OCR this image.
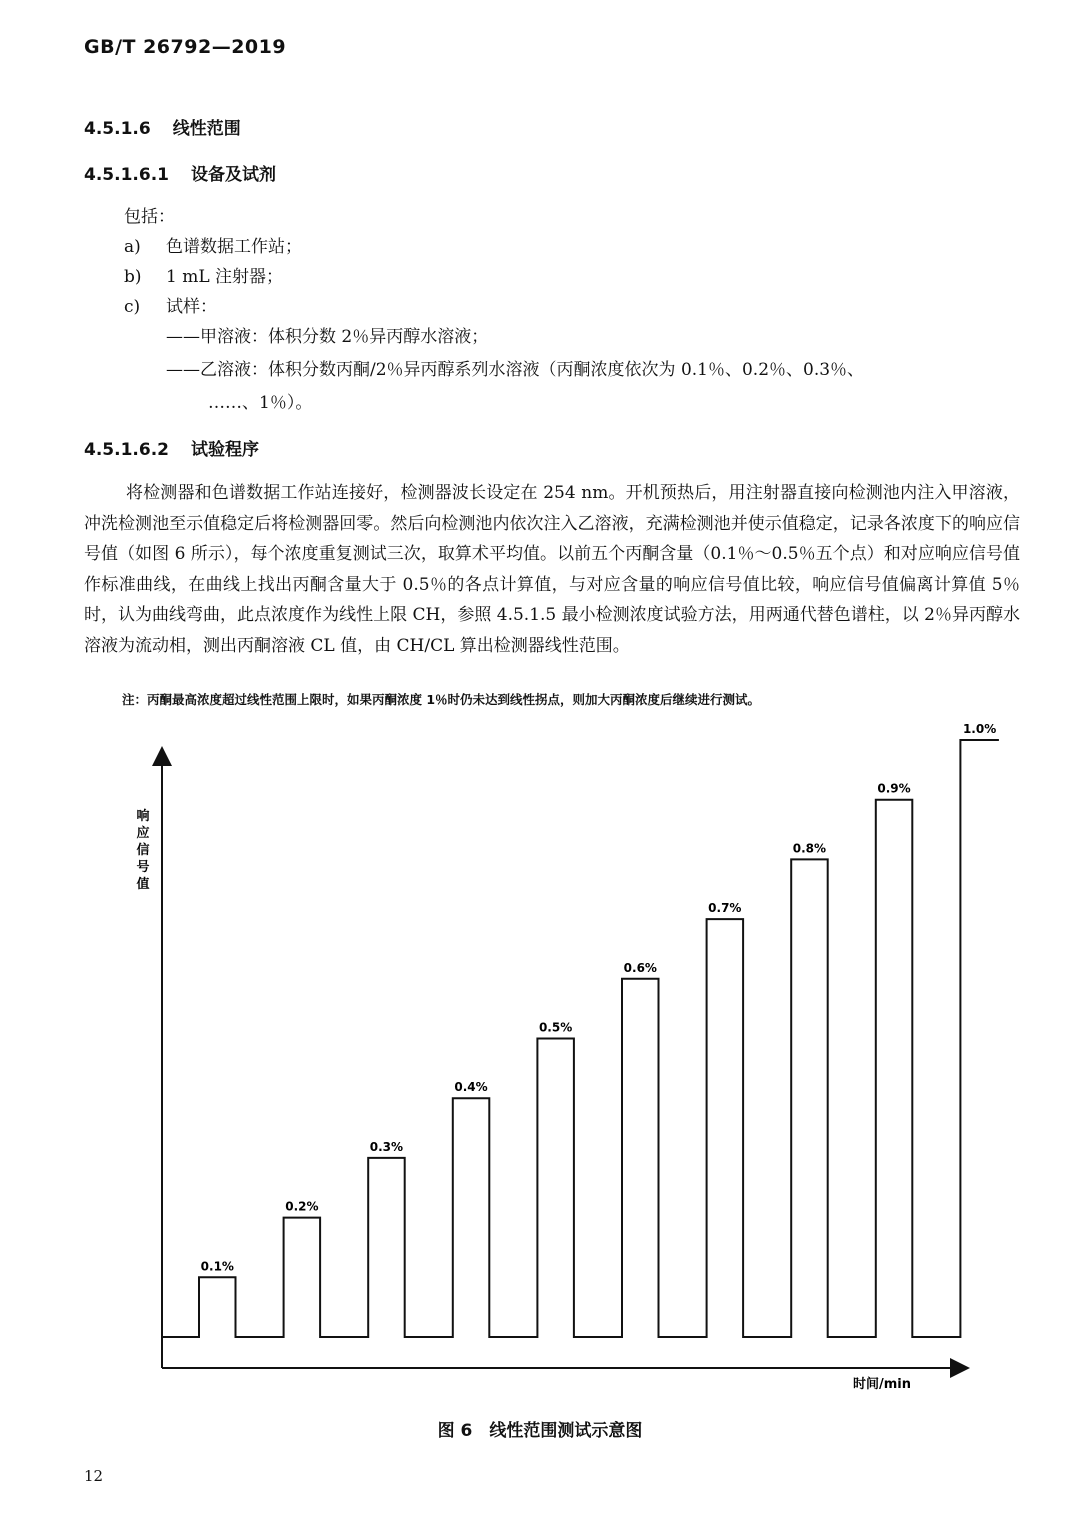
GB/T 26792—2019
4.5.1.6 线性范围
4.5.1.6.1 设备及试剂
包括：
a) 色谱数据工作站；
b) 1 mL 注射器；
c) 试样：
——甲溶液：体积分数 2％异丙醇水溶液；
——乙溶液：体积分数丙酮/2％异丙醇系列水溶液（丙酮浓度依次为 0.1％、0.2％、0.3％、
……、1％）。
4.5.1.6.2 试验程序
将检测器和色谱数据工作站连接好，检测器波长设定在 254 nm。开机预热后，用注射器直接向检测池内注入甲溶液，冲洗检测池至示值稳定后将检测器回零。然后向检测池内依次注入乙溶液，充满检测池并使示值稳定，记录各浓度下的响应信号值（如图 6 所示），每个浓度重复测试三次，取算术平均值。以前五个丙酮含量（0.1％～0.5％五个点）和对应响应信号值作标准曲线，在曲线上找出丙酮含量大于 0.5％的各点计算值，与对应含量的响应信号值比较，响应信号值偏离计算值 5％时，认为曲线弯曲，此点浓度作为线性上限 CH，参照 4.5.1.5 最小检测浓度试验方法，用两通代替色谱柱，以 2％异丙醇水溶液为流动相，测出丙酮溶液 CL 值，由 CH/CL 算出检测器线性范围。
注：丙酮最高浓度超过线性范围上限时，如果丙酮浓度 1％时仍未达到线性拐点，则加大丙酮浓度后继续进行测试。
0.1%
0.2%
0.3%
0.4%
0.5%
0.6%
0.7%
0.8%
0.9%
1.0%
响应信号值
时间/min
图 6　线性范围测试示意图
12
